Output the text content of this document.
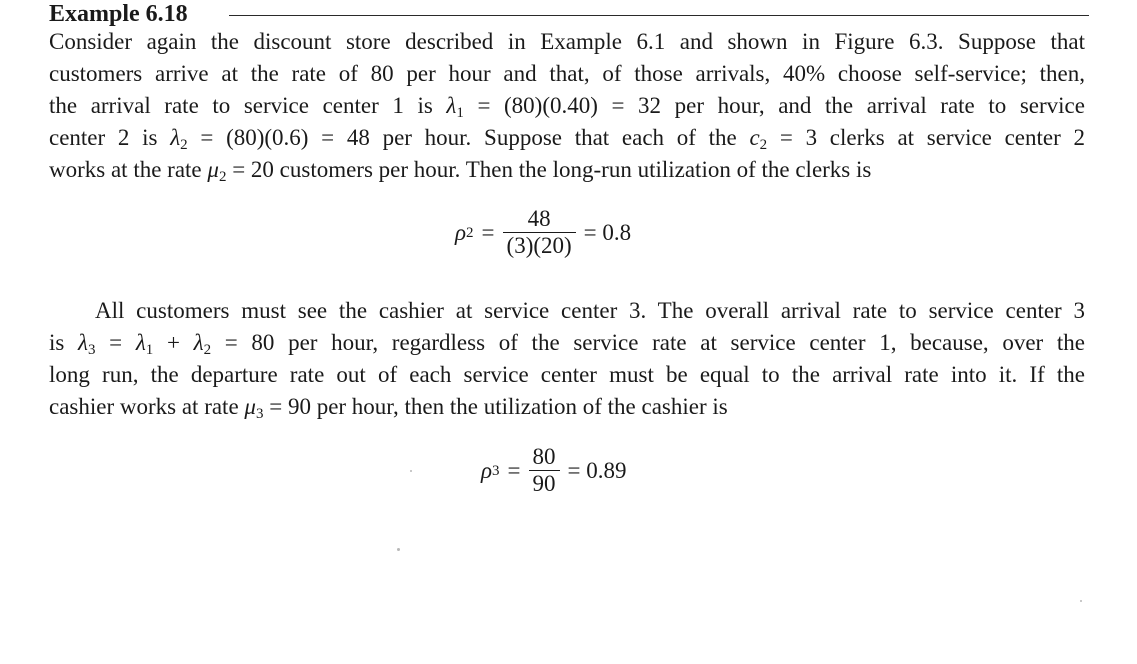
Example 6.18
Consider again the discount store described in Example 6.1 and shown in Figure 6.3. Suppose that
customers arrive at the rate of 80 per hour and that, of those arrivals, 40% choose self-service; then,
the arrival rate to service center 1 is $\lambda_1 = (80)(0.40) = 32$ per hour, and the arrival rate to service
center 2 is $\lambda_2 = (80)(0.6) = 48$ per hour. Suppose that each of the $c_2 = 3$ clerks at service center 2
works at the rate $\mu_2 = 20$ customers per hour. Then the long-run utilization of the clerks is
ρ $2 = \frac{48}{(3)(20)} = 0.8$
All customers must see the cashier at service center 3. The overall arrival rate to service center 3
is $\lambda_3 = \lambda_1 + \lambda_2 = 80$ per hour, regardless of the service rate at service center 1, because, over the
long run, the departure rate out of each service center must be equal to the arrival rate into it. If the
cashier works at rate $\mu_3 = 90$ per hour, then the utilization of the cashier is
ρ $3 = \frac{80}{90} = 0.89$
